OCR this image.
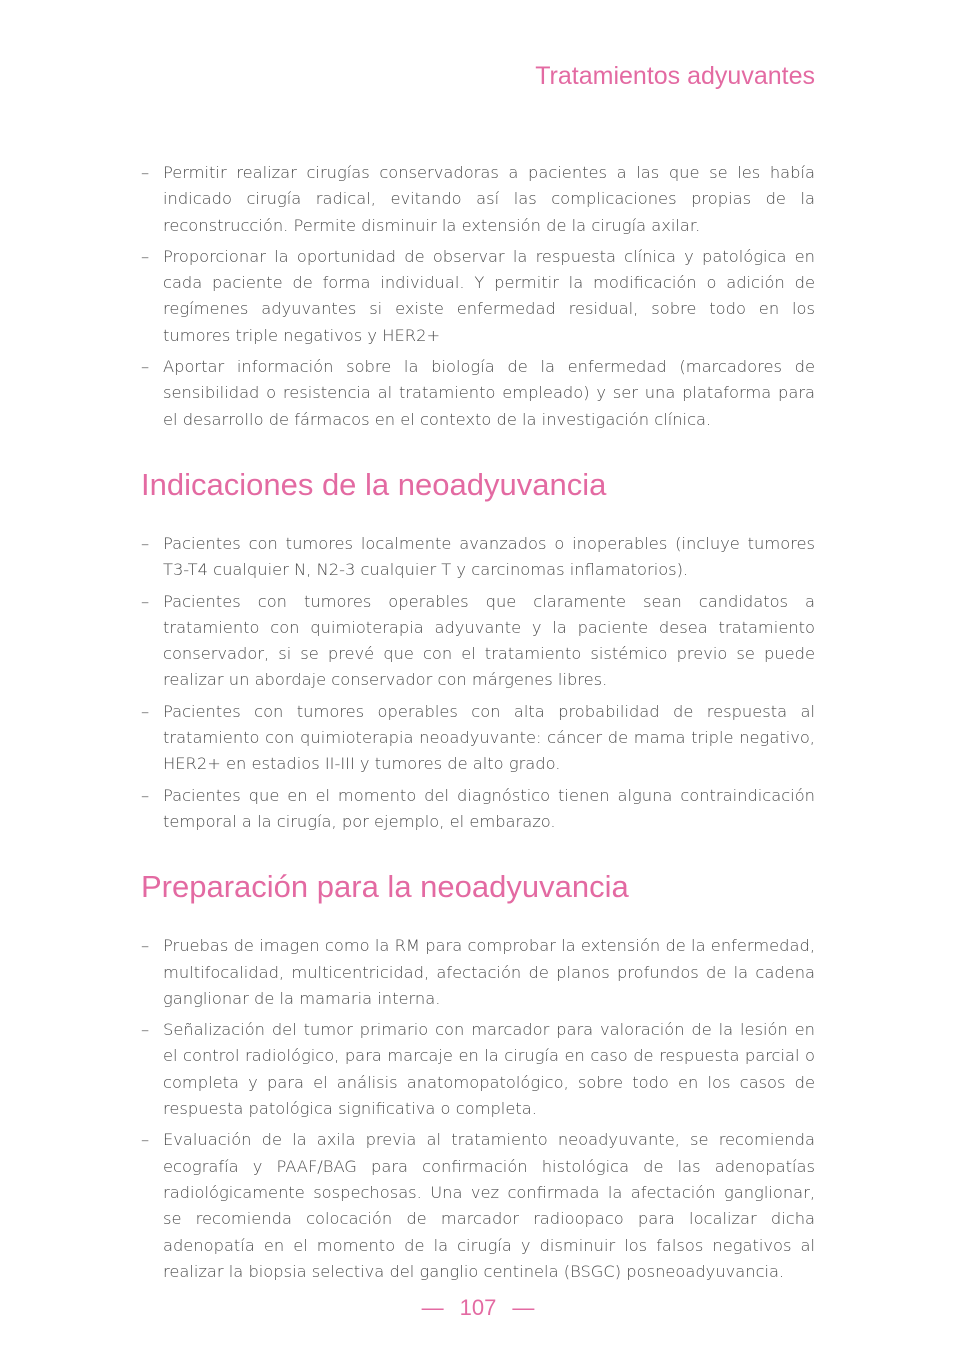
Tratamientos adyuvantes
– Permitir realizar cirugías conservadoras a pacientes a las que se les había indicado cirugía radical, evitando así las complicaciones propias de la reconstrucción. Permite disminuir la extensión de la cirugía axilar.
– Proporcionar la oportunidad de observar la respuesta clínica y patológica en cada paciente de forma individual. Y permitir la modificación o adición de regímenes adyuvantes si existe enfermedad residual, sobre todo en los tumores triple negativos y HER2+
– Aportar información sobre la biología de la enfermedad (marcadores de sensibilidad o resistencia al tratamiento empleado) y ser una plataforma para el desarrollo de fármacos en el contexto de la investigación clínica.
Indicaciones de la neoadyuvancia
– Pacientes con tumores localmente avanzados o inoperables (incluye tumores T3-T4 cualquier N, N2-3 cualquier T y carcinomas inflamatorios).
– Pacientes con tumores operables que claramente sean candidatos a tratamiento con quimioterapia adyuvante y la paciente desea tratamiento conservador, si se prevé que con el tratamiento sistémico previo se puede realizar un abordaje conservador con márgenes libres.
– Pacientes con tumores operables con alta probabilidad de respuesta al tratamiento con quimioterapia neoadyuvante: cáncer de mama triple negativo, HER2+ en estadios II-III y tumores de alto grado.
– Pacientes que en el momento del diagnóstico tienen alguna contraindicación temporal a la cirugía, por ejemplo, el embarazo.
Preparación para la neoadyuvancia
– Pruebas de imagen como la RM para comprobar la extensión de la enfermedad, multifocalidad, multicentricidad, afectación de planos profundos de la cadena ganglionar de la mamaria interna.
– Señalización del tumor primario con marcador para valoración de la lesión en el control radiológico, para marcaje en la cirugía en caso de respuesta parcial o completa y para el análisis anatomopatológico, sobre todo en los casos de respuesta patológica significativa o completa.
– Evaluación de la axila previa al tratamiento neoadyuvante, se recomienda ecografía y PAAF/BAG para confirmación histológica de las adenopatías radiológicamente sospechosas. Una vez confirmada la afectación ganglionar, se recomienda colocación de marcador radioopaco para localizar dicha adenopatía en el momento de la cirugía y disminuir los falsos negativos al realizar la biopsia selectiva del ganglio centinela (BSGC) posneoadyuvancia.
— 107 —
